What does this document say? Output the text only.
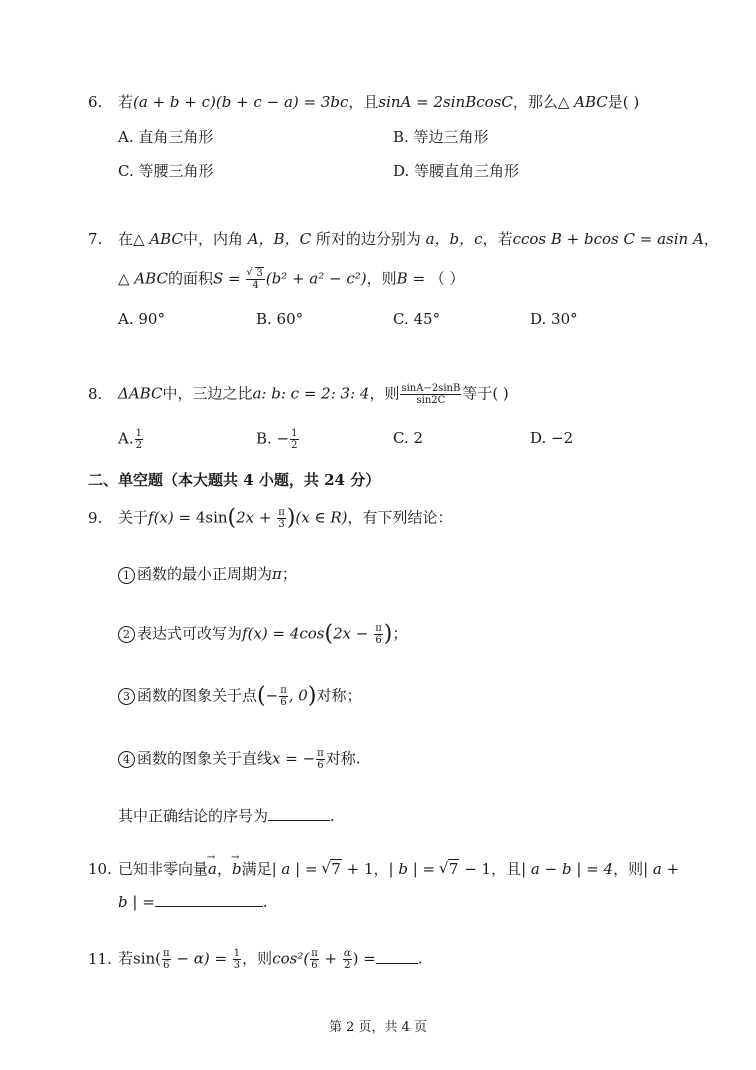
6. 若(a + b + c)(b + c − a) = 3bc，且sinA = 2sinBcosC，那么△ ABC是( )
A. 直角三角形	B. 等边三角形
C. 等腰三角形	D. 等腰直角三角形
7. 在△ ABC中，内角 A，B，C 所对的边分别为 a，b，c，若ccos B + bcos C = asin A，
△ ABC的面积S =
√ $\frac{3}{4} (b^2 + a^2 - c^2)$，则B = （ ）
A. 90°	B. 60°	C. 45°	D. 30°
8. ΔABC中，三边之比a: b: c = 2: 3: 4，则 $\frac{\sin A-2\sin B}{\sin 2C}$ 等于( )
A. $\frac{1}{2}$	B. − $\frac{1}{2}$	C. 2	D. −2
二、单空题（本大题共 4 小题，共 24 分）
9. 关于$f(x) = 4\sin(2x + \frac{\pi}{3} )(x$ ∈ R)，有下列结论：
1 函数的最小正周期为π；
2 表达式可改写为$f(x) = 4\cos(2x - \frac{\pi}{6}$ )；
3 函数的图象关于点(− $\frac{\pi}{6}$ , 0)对称；
4 函数的图象关于直线x = − $\frac{\pi}{6}$ 对称.
其中正确结论的序号为	.
10. 已知非零向量→ a，→ b满足| a | = √ 7 + 1，| b | = √ 7 − 1，且| a − b | = 4，则| a +
b | =	.
11. 若$\sin( \frac{\pi}{6} - \alpha) = \frac{1}{3}$ ，则$\cos^2( \frac{\pi}{6} + \frac{\alpha}{2}$ ) =	.
第 2 页，共 4 页
